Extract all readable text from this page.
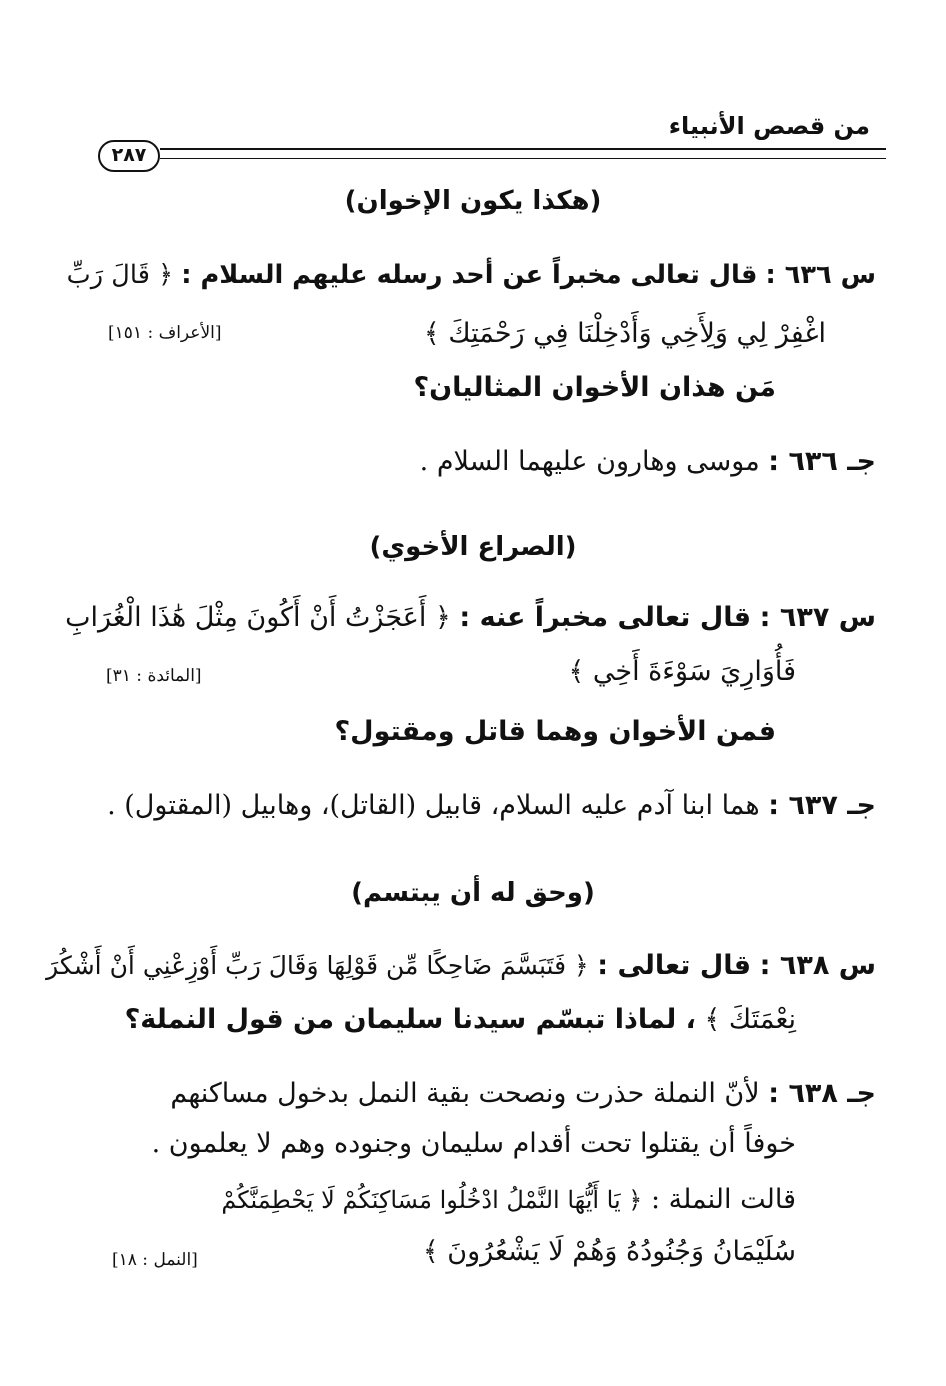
من قصص الأنبياء
٢٨٧
(هكذا يكون الإخوان)
س ٦٣٦ : قال تعالى مخبراً عن أحد رسله عليهم السلام : ﴿ قَالَ رَبِّ
اغْفِرْ لِي وَلِأَخِي وَأَدْخِلْنَا فِي رَحْمَتِكَ ﴾
[الأعراف : ١٥١]
مَن هذان الأخوان المثاليان؟
جـ ٦٣٦ : موسى وهارون عليهما السلام .
(الصراع الأخوي)
س ٦٣٧ : قال تعالى مخبراً عنه : ﴿ أَعَجَزْتُ أَنْ أَكُونَ مِثْلَ هَٰذَا الْغُرَابِ
فَأُوَارِيَ سَوْءَةَ أَخِي ﴾
[المائدة : ٣١]
فمن الأخوان وهما قاتل ومقتول؟
جـ ٦٣٧ : هما ابنا آدم عليه السلام، قابيل (القاتل)، وهابيل (المقتول) .
(وحق له أن يبتسم)
س ٦٣٨ : قال تعالى : ﴿ فَتَبَسَّمَ ضَاحِكًا مِّن قَوْلِهَا وَقَالَ رَبِّ أَوْزِعْنِي أَنْ أَشْكُرَ
نِعْمَتَكَ ﴾ ، لماذا تبسّم سيدنا سليمان من قول النملة؟
جـ ٦٣٨ : لأنّ النملة حذرت ونصحت بقية النمل بدخول مساكنهم
خوفاً أن يقتلوا تحت أقدام سليمان وجنوده وهم لا يعلمون .
قالت النملة : ﴿ يَا أَيُّهَا النَّمْلُ ادْخُلُوا مَسَاكِنَكُمْ لَا يَحْطِمَنَّكُمْ
سُلَيْمَانُ وَجُنُودُهُ وَهُمْ لَا يَشْعُرُونَ ﴾
[النمل : ١٨]
